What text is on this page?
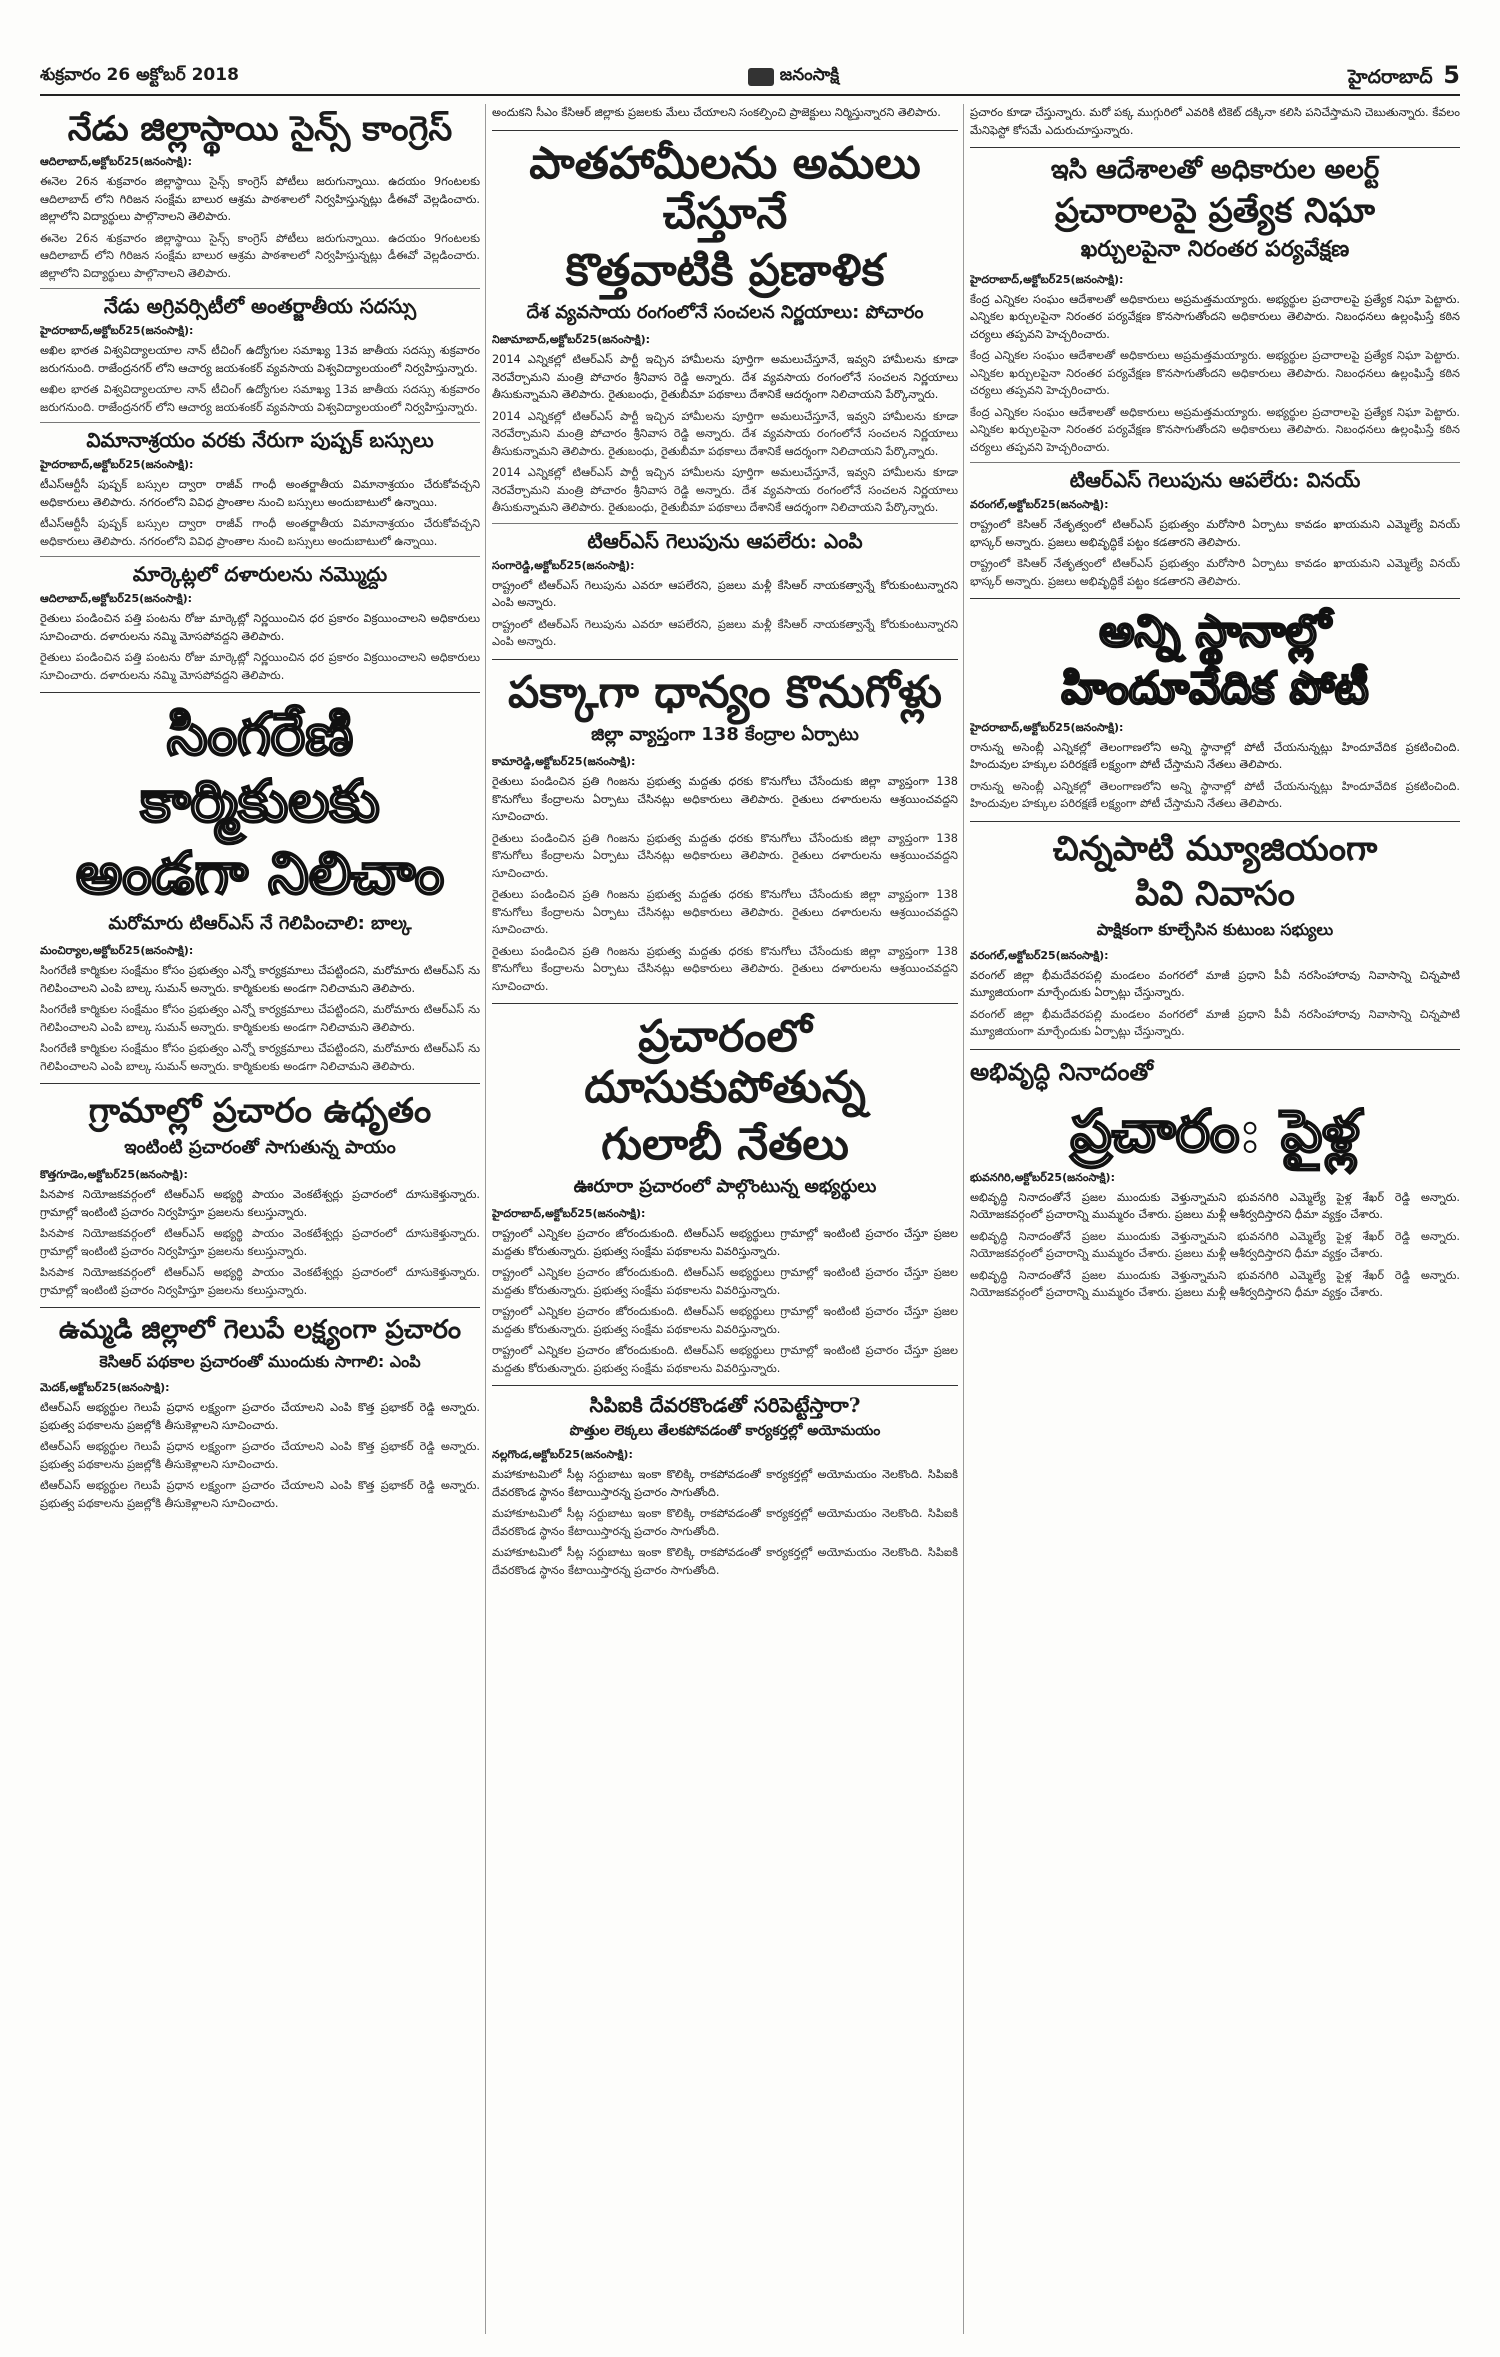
శుక్రవారం 26 అక్టోబర్ 2018	జనంసాక్షి	హైదరాబాద్ 5
నేడు జిల్లాస్థాయి సైన్స్ కాంగ్రెస్
ఆదిలాబాద్,అక్టోబర్25(జనంసాక్షి):

ఈనెల 26న శుక్రవారం జిల్లాస్థాయి సైన్స్ కాంగ్రెస్ పోటీలు జరుగున్నాయి. ఉదయం 9గంటలకు ఆదిలాబాద్ లోని గిరిజన సంక్షేమ బాలుర ఆశ్రమ పాఠశాలలో నిర్వహిస్తున్నట్లు డీఈవో వెల్లడించారు. జిల్లాలోని విద్యార్థులు పాల్గొనాలని తెలిపారు.

ఈనెల 26న శుక్రవారం జిల్లాస్థాయి సైన్స్ కాంగ్రెస్ పోటీలు జరుగున్నాయి. ఉదయం 9గంటలకు ఆదిలాబాద్ లోని గిరిజన సంక్షేమ బాలుర ఆశ్రమ పాఠశాలలో నిర్వహిస్తున్నట్లు డీఈవో వెల్లడించారు. జిల్లాలోని విద్యార్థులు పాల్గొనాలని తెలిపారు.

నేడు అగ్రివర్సిటీలో అంతర్జాతీయ సదస్సు
హైదరాబాద్,అక్టోబర్25(జనంసాక్షి):

అఖిల భారత విశ్వవిద్యాలయాల నాన్ టీచింగ్ ఉద్యోగుల సమాఖ్య 13వ జాతీయ సదస్సు శుక్రవారం జరుగనుంది. రాజేంద్రనగర్ లోని ఆచార్య జయశంకర్ వ్యవసాయ విశ్వవిద్యాలయంలో నిర్వహిస్తున్నారు.

అఖిల భారత విశ్వవిద్యాలయాల నాన్ టీచింగ్ ఉద్యోగుల సమాఖ్య 13వ జాతీయ సదస్సు శుక్రవారం జరుగనుంది. రాజేంద్రనగర్ లోని ఆచార్య జయశంకర్ వ్యవసాయ విశ్వవిద్యాలయంలో నిర్వహిస్తున్నారు.

విమానాశ్రయం వరకు నేరుగా పుష్పక్ బస్సులు
హైదరాబాద్,అక్టోబర్25(జనంసాక్షి):

టీఎస్ఆర్టీసీ పుష్పక్ బస్సుల ద్వారా రాజీవ్ గాంధీ అంతర్జాతీయ విమానాశ్రయం చేరుకోవచ్చని అధికారులు తెలిపారు. నగరంలోని వివిధ ప్రాంతాల నుంచి బస్సులు అందుబాటులో ఉన్నాయి.

టీఎస్ఆర్టీసీ పుష్పక్ బస్సుల ద్వారా రాజీవ్ గాంధీ అంతర్జాతీయ విమానాశ్రయం చేరుకోవచ్చని అధికారులు తెలిపారు. నగరంలోని వివిధ ప్రాంతాల నుంచి బస్సులు అందుబాటులో ఉన్నాయి.

మార్కెట్లలో దళారులను నమ్మొద్దు
ఆదిలాబాద్,అక్టోబర్25(జనంసాక్షి):

రైతులు పండించిన పత్తి పంటను రోజు మార్కెట్లో నిర్ణయించిన ధర ప్రకారం విక్రయించాలని అధికారులు సూచించారు. దళారులను నమ్మి మోసపోవద్దని తెలిపారు.

రైతులు పండించిన పత్తి పంటను రోజు మార్కెట్లో నిర్ణయించిన ధర ప్రకారం విక్రయించాలని అధికారులు సూచించారు. దళారులను నమ్మి మోసపోవద్దని తెలిపారు.

సింగరేణి కార్మికులకు
అండగా నిలిచాం
మరోమారు టిఆర్ఎస్ నే గెలిపించాలి: బాల్క
మంచిర్యాల,అక్టోబర్25(జనంసాక్షి):

సింగరేణి కార్మికుల సంక్షేమం కోసం ప్రభుత్వం ఎన్నో కార్యక్రమాలు చేపట్టిందని, మరోమారు టిఆర్ఎస్ ను గెలిపించాలని ఎంపి బాల్క సుమన్ అన్నారు. కార్మికులకు అండగా నిలిచామని తెలిపారు.

సింగరేణి కార్మికుల సంక్షేమం కోసం ప్రభుత్వం ఎన్నో కార్యక్రమాలు చేపట్టిందని, మరోమారు టిఆర్ఎస్ ను గెలిపించాలని ఎంపి బాల్క సుమన్ అన్నారు. కార్మికులకు అండగా నిలిచామని తెలిపారు.

సింగరేణి కార్మికుల సంక్షేమం కోసం ప్రభుత్వం ఎన్నో కార్యక్రమాలు చేపట్టిందని, మరోమారు టిఆర్ఎస్ ను గెలిపించాలని ఎంపి బాల్క సుమన్ అన్నారు. కార్మికులకు అండగా నిలిచామని తెలిపారు.

గ్రామాల్లో ప్రచారం ఉధృతం
ఇంటింటి ప్రచారంతో సాగుతున్న పాయం
కొత్తగూడెం,అక్టోబర్25(జనంసాక్షి):

పినపాక నియోజకవర్గంలో టిఆర్ఎస్ అభ్యర్థి పాయం వెంకటేశ్వర్లు ప్రచారంలో దూసుకెళ్తున్నారు. గ్రామాల్లో ఇంటింటి ప్రచారం నిర్వహిస్తూ ప్రజలను కలుస్తున్నారు.

పినపాక నియోజకవర్గంలో టిఆర్ఎస్ అభ్యర్థి పాయం వెంకటేశ్వర్లు ప్రచారంలో దూసుకెళ్తున్నారు. గ్రామాల్లో ఇంటింటి ప్రచారం నిర్వహిస్తూ ప్రజలను కలుస్తున్నారు.

పినపాక నియోజకవర్గంలో టిఆర్ఎస్ అభ్యర్థి పాయం వెంకటేశ్వర్లు ప్రచారంలో దూసుకెళ్తున్నారు. గ్రామాల్లో ఇంటింటి ప్రచారం నిర్వహిస్తూ ప్రజలను కలుస్తున్నారు.

ఉమ్మడి జిల్లాలో గెలుపే లక్ష్యంగా ప్రచారం
కెసిఆర్ పథకాల ప్రచారంతో ముందుకు సాగాలి: ఎంపి
మెదక్,అక్టోబర్25(జనంసాక్షి):

టిఆర్ఎస్ అభ్యర్థుల గెలుపే ప్రధాన లక్ష్యంగా ప్రచారం చేయాలని ఎంపి కొత్త ప్రభాకర్ రెడ్డి అన్నారు. ప్రభుత్వ పథకాలను ప్రజల్లోకి తీసుకెళ్లాలని సూచించారు.

టిఆర్ఎస్ అభ్యర్థుల గెలుపే ప్రధాన లక్ష్యంగా ప్రచారం చేయాలని ఎంపి కొత్త ప్రభాకర్ రెడ్డి అన్నారు. ప్రభుత్వ పథకాలను ప్రజల్లోకి తీసుకెళ్లాలని సూచించారు.

టిఆర్ఎస్ అభ్యర్థుల గెలుపే ప్రధాన లక్ష్యంగా ప్రచారం చేయాలని ఎంపి కొత్త ప్రభాకర్ రెడ్డి అన్నారు. ప్రభుత్వ పథకాలను ప్రజల్లోకి తీసుకెళ్లాలని సూచించారు.

అందుకని సీఎం కేసిఆర్ జిల్లాకు ప్రజలకు మేలు చేయాలని సంకల్పించి ప్రాజెక్టులు నిర్మిస్తున్నారని తెలిపారు.

పాతహామీలను అమలు చేస్తూనే
కొత్తవాటికి ప్రణాళిక
దేశ వ్యవసాయ రంగంలోనే సంచలన నిర్ణయాలు: పోచారం
నిజామాబాద్,అక్టోబర్25(జనంసాక్షి):

2014 ఎన్నికల్లో టిఆర్ఎస్ పార్టీ ఇచ్చిన హామీలను పూర్తిగా అమలుచేస్తూనే, ఇవ్వని హామీలను కూడా నెరవేర్చామని మంత్రి పోచారం శ్రీనివాస రెడ్డి అన్నారు. దేశ వ్యవసాయ రంగంలోనే సంచలన నిర్ణయాలు తీసుకున్నామని తెలిపారు. రైతుబంధు, రైతుబీమా పథకాలు దేశానికే ఆదర్శంగా నిలిచాయని పేర్కొన్నారు.

2014 ఎన్నికల్లో టిఆర్ఎస్ పార్టీ ఇచ్చిన హామీలను పూర్తిగా అమలుచేస్తూనే, ఇవ్వని హామీలను కూడా నెరవేర్చామని మంత్రి పోచారం శ్రీనివాస రెడ్డి అన్నారు. దేశ వ్యవసాయ రంగంలోనే సంచలన నిర్ణయాలు తీసుకున్నామని తెలిపారు. రైతుబంధు, రైతుబీమా పథకాలు దేశానికే ఆదర్శంగా నిలిచాయని పేర్కొన్నారు.

2014 ఎన్నికల్లో టిఆర్ఎస్ పార్టీ ఇచ్చిన హామీలను పూర్తిగా అమలుచేస్తూనే, ఇవ్వని హామీలను కూడా నెరవేర్చామని మంత్రి పోచారం శ్రీనివాస రెడ్డి అన్నారు. దేశ వ్యవసాయ రంగంలోనే సంచలన నిర్ణయాలు తీసుకున్నామని తెలిపారు. రైతుబంధు, రైతుబీమా పథకాలు దేశానికే ఆదర్శంగా నిలిచాయని పేర్కొన్నారు.

టిఆర్ఎస్ గెలుపును ఆపలేరు: ఎంపి
సంగారెడ్డి,అక్టోబర్25(జనంసాక్షి):

రాష్ట్రంలో టిఆర్ఎస్ గెలుపును ఎవరూ ఆపలేరని, ప్రజలు మళ్లీ కేసిఆర్ నాయకత్వాన్నే కోరుకుంటున్నారని ఎంపి అన్నారు.

రాష్ట్రంలో టిఆర్ఎస్ గెలుపును ఎవరూ ఆపలేరని, ప్రజలు మళ్లీ కేసిఆర్ నాయకత్వాన్నే కోరుకుంటున్నారని ఎంపి అన్నారు.

పక్కాగా ధాన్యం కొనుగోళ్లు
జిల్లా వ్యాప్తంగా 138 కేంద్రాల ఏర్పాటు
కామారెడ్డి,అక్టోబర్25(జనంసాక్షి):

రైతులు పండించిన ప్రతి గింజను ప్రభుత్వ మద్దతు ధరకు కొనుగోలు చేసేందుకు జిల్లా వ్యాప్తంగా 138 కొనుగోలు కేంద్రాలను ఏర్పాటు చేసినట్లు అధికారులు తెలిపారు. రైతులు దళారులను ఆశ్రయించవద్దని సూచించారు.

రైతులు పండించిన ప్రతి గింజను ప్రభుత్వ మద్దతు ధరకు కొనుగోలు చేసేందుకు జిల్లా వ్యాప్తంగా 138 కొనుగోలు కేంద్రాలను ఏర్పాటు చేసినట్లు అధికారులు తెలిపారు. రైతులు దళారులను ఆశ్రయించవద్దని సూచించారు.

రైతులు పండించిన ప్రతి గింజను ప్రభుత్వ మద్దతు ధరకు కొనుగోలు చేసేందుకు జిల్లా వ్యాప్తంగా 138 కొనుగోలు కేంద్రాలను ఏర్పాటు చేసినట్లు అధికారులు తెలిపారు. రైతులు దళారులను ఆశ్రయించవద్దని సూచించారు.

రైతులు పండించిన ప్రతి గింజను ప్రభుత్వ మద్దతు ధరకు కొనుగోలు చేసేందుకు జిల్లా వ్యాప్తంగా 138 కొనుగోలు కేంద్రాలను ఏర్పాటు చేసినట్లు అధికారులు తెలిపారు. రైతులు దళారులను ఆశ్రయించవద్దని సూచించారు.

ప్రచారంలో దూసుకుపోతున్న
గులాబీ నేతలు
ఊరూరా ప్రచారంలో పాల్గొంటున్న అభ్యర్థులు
హైదరాబాద్,అక్టోబర్25(జనంసాక్షి):

రాష్ట్రంలో ఎన్నికల ప్రచారం జోరందుకుంది. టిఆర్ఎస్ అభ్యర్థులు గ్రామాల్లో ఇంటింటి ప్రచారం చేస్తూ ప్రజల మద్దతు కోరుతున్నారు. ప్రభుత్వ సంక్షేమ పథకాలను వివరిస్తున్నారు.

రాష్ట్రంలో ఎన్నికల ప్రచారం జోరందుకుంది. టిఆర్ఎస్ అభ్యర్థులు గ్రామాల్లో ఇంటింటి ప్రచారం చేస్తూ ప్రజల మద్దతు కోరుతున్నారు. ప్రభుత్వ సంక్షేమ పథకాలను వివరిస్తున్నారు.

రాష్ట్రంలో ఎన్నికల ప్రచారం జోరందుకుంది. టిఆర్ఎస్ అభ్యర్థులు గ్రామాల్లో ఇంటింటి ప్రచారం చేస్తూ ప్రజల మద్దతు కోరుతున్నారు. ప్రభుత్వ సంక్షేమ పథకాలను వివరిస్తున్నారు.

రాష్ట్రంలో ఎన్నికల ప్రచారం జోరందుకుంది. టిఆర్ఎస్ అభ్యర్థులు గ్రామాల్లో ఇంటింటి ప్రచారం చేస్తూ ప్రజల మద్దతు కోరుతున్నారు. ప్రభుత్వ సంక్షేమ పథకాలను వివరిస్తున్నారు.

సిపిఐకి దేవరకొండతో సరిపెట్టేస్తారా?
పొత్తుల లెక్కలు తేలకపోవడంతో కార్యకర్తల్లో అయోమయం
నల్లగొండ,అక్టోబర్25(జనంసాక్షి):

మహాకూటమిలో సీట్ల సర్దుబాటు ఇంకా కొలిక్కి రాకపోవడంతో కార్యకర్తల్లో అయోమయం నెలకొంది. సిపిఐకి దేవరకొండ స్థానం కేటాయిస్తారన్న ప్రచారం సాగుతోంది.

మహాకూటమిలో సీట్ల సర్దుబాటు ఇంకా కొలిక్కి రాకపోవడంతో కార్యకర్తల్లో అయోమయం నెలకొంది. సిపిఐకి దేవరకొండ స్థానం కేటాయిస్తారన్న ప్రచారం సాగుతోంది.

మహాకూటమిలో సీట్ల సర్దుబాటు ఇంకా కొలిక్కి రాకపోవడంతో కార్యకర్తల్లో అయోమయం నెలకొంది. సిపిఐకి దేవరకొండ స్థానం కేటాయిస్తారన్న ప్రచారం సాగుతోంది.

ప్రచారం కూడా చేస్తున్నారు. మరో పక్క ముగ్గురిలో ఎవరికి టికెట్ దక్కినా కలిసి పనిచేస్తామని చెబుతున్నారు. కేవలం మేనిఫెస్టో కోసమే ఎదురుచూస్తున్నారు.

ఇసి ఆదేశాలతో అధికారుల అలర్ట్
ప్రచారాలపై ప్రత్యేక నిఘా
ఖర్చులపైనా నిరంతర పర్యవేక్షణ
హైదరాబాద్,అక్టోబర్25(జనంసాక్షి):

కేంద్ర ఎన్నికల సంఘం ఆదేశాలతో అధికారులు అప్రమత్తమయ్యారు. అభ్యర్థుల ప్రచారాలపై ప్రత్యేక నిఘా పెట్టారు. ఎన్నికల ఖర్చులపైనా నిరంతర పర్యవేక్షణ కొనసాగుతోందని అధికారులు తెలిపారు. నిబంధనలు ఉల్లంఘిస్తే కఠిన చర్యలు తప్పవని హెచ్చరించారు.

కేంద్ర ఎన్నికల సంఘం ఆదేశాలతో అధికారులు అప్రమత్తమయ్యారు. అభ్యర్థుల ప్రచారాలపై ప్రత్యేక నిఘా పెట్టారు. ఎన్నికల ఖర్చులపైనా నిరంతర పర్యవేక్షణ కొనసాగుతోందని అధికారులు తెలిపారు. నిబంధనలు ఉల్లంఘిస్తే కఠిన చర్యలు తప్పవని హెచ్చరించారు.

కేంద్ర ఎన్నికల సంఘం ఆదేశాలతో అధికారులు అప్రమత్తమయ్యారు. అభ్యర్థుల ప్రచారాలపై ప్రత్యేక నిఘా పెట్టారు. ఎన్నికల ఖర్చులపైనా నిరంతర పర్యవేక్షణ కొనసాగుతోందని అధికారులు తెలిపారు. నిబంధనలు ఉల్లంఘిస్తే కఠిన చర్యలు తప్పవని హెచ్చరించారు.

టిఆర్ఎస్ గెలుపును ఆపలేరు: వినయ్
వరంగల్,అక్టోబర్25(జనంసాక్షి):

రాష్ట్రంలో కెసిఆర్ నేతృత్వంలో టిఆర్ఎస్ ప్రభుత్వం మరోసారి ఏర్పాటు కావడం ఖాయమని ఎమ్మెల్యే వినయ్ భాస్కర్ అన్నారు. ప్రజలు అభివృద్ధికే పట్టం కడతారని తెలిపారు.

రాష్ట్రంలో కెసిఆర్ నేతృత్వంలో టిఆర్ఎస్ ప్రభుత్వం మరోసారి ఏర్పాటు కావడం ఖాయమని ఎమ్మెల్యే వినయ్ భాస్కర్ అన్నారు. ప్రజలు అభివృద్ధికే పట్టం కడతారని తెలిపారు.

అన్ని స్థానాల్లో
హిందూవేదిక పోటీ
హైదరాబాద్,అక్టోబర్25(జనంసాక్షి):

రానున్న అసెంబ్లీ ఎన్నికల్లో తెలంగాణలోని అన్ని స్థానాల్లో పోటీ చేయనున్నట్లు హిందూవేదిక ప్రకటించింది. హిందువుల హక్కుల పరిరక్షణే లక్ష్యంగా పోటీ చేస్తామని నేతలు తెలిపారు.

రానున్న అసెంబ్లీ ఎన్నికల్లో తెలంగాణలోని అన్ని స్థానాల్లో పోటీ చేయనున్నట్లు హిందూవేదిక ప్రకటించింది. హిందువుల హక్కుల పరిరక్షణే లక్ష్యంగా పోటీ చేస్తామని నేతలు తెలిపారు.

చిన్నపాటి మ్యూజియంగా
పివి నివాసం
పాక్షికంగా కూల్చేసిన కుటుంబ సభ్యులు
వరంగల్,అక్టోబర్25(జనంసాక్షి):

వరంగల్ జిల్లా భీమదేవరపల్లి మండలం వంగరలో మాజీ ప్రధాని పీవీ నరసింహారావు నివాసాన్ని చిన్నపాటి మ్యూజియంగా మార్చేందుకు ఏర్పాట్లు చేస్తున్నారు.

వరంగల్ జిల్లా భీమదేవరపల్లి మండలం వంగరలో మాజీ ప్రధాని పీవీ నరసింహారావు నివాసాన్ని చిన్నపాటి మ్యూజియంగా మార్చేందుకు ఏర్పాట్లు చేస్తున్నారు.

అభివృద్ధి నినాదంతో
ప్రచారం: పైళ్ల
భువనగిరి,అక్టోబర్25(జనంసాక్షి):

అభివృద్ధి నినాదంతోనే ప్రజల ముందుకు వెళ్తున్నామని భువనగిరి ఎమ్మెల్యే పైళ్ల శేఖర్ రెడ్డి అన్నారు. నియోజకవర్గంలో ప్రచారాన్ని ముమ్మరం చేశారు. ప్రజలు మళ్లీ ఆశీర్వదిస్తారని ధీమా వ్యక్తం చేశారు.

అభివృద్ధి నినాదంతోనే ప్రజల ముందుకు వెళ్తున్నామని భువనగిరి ఎమ్మెల్యే పైళ్ల శేఖర్ రెడ్డి అన్నారు. నియోజకవర్గంలో ప్రచారాన్ని ముమ్మరం చేశారు. ప్రజలు మళ్లీ ఆశీర్వదిస్తారని ధీమా వ్యక్తం చేశారు.

అభివృద్ధి నినాదంతోనే ప్రజల ముందుకు వెళ్తున్నామని భువనగిరి ఎమ్మెల్యే పైళ్ల శేఖర్ రెడ్డి అన్నారు. నియోజకవర్గంలో ప్రచారాన్ని ముమ్మరం చేశారు. ప్రజలు మళ్లీ ఆశీర్వదిస్తారని ధీమా వ్యక్తం చేశారు.
